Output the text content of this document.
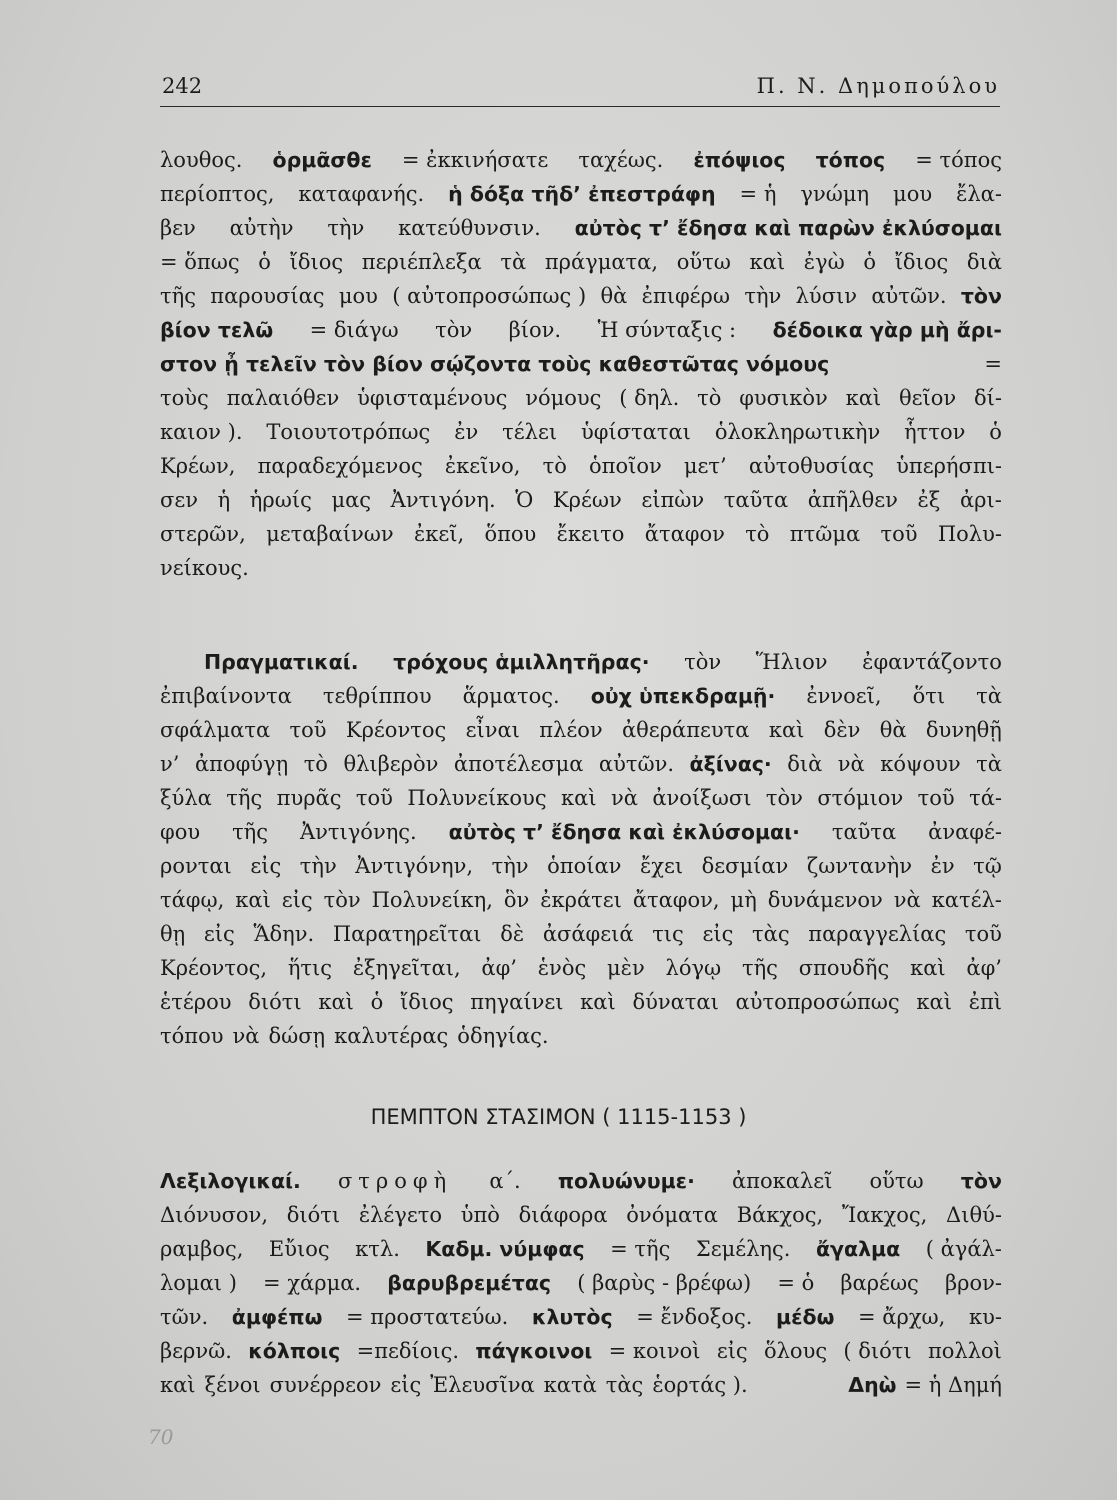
242	Π. Ν. Δημοπούλου
λουθος. ὁρμᾶσθε = ἐκκινήσατε ταχέως. ἐπόψιος τόπος = τόπος
περίοπτος, καταφανής. ἡ δόξα τῆδ’ ἐπεστράφη = ἡ γνώμη μου ἔλα-
βεν αὐτὴν τὴν κατεύθυνσιν. αὐτὸς τ’ ἔδησα καὶ παρὼν ἐκλύσομαι
= ὅπως ὁ ἴδιος περιέπλεξα τὰ πράγματα, οὕτω καὶ ἐγὼ ὁ ἴδιος διὰ
τῆς παρουσίας μου ( αὐτοπροσώπως ) θὰ ἐπιφέρω τὴν λύσιν αὐτῶν. τὸν
βίον τελῶ = διάγω τὸν βίον. Ἡ σύνταξις : δέδοικα γὰρ μὴ ἄρι-
στον ᾖ τελεῖν τὸν βίον σῴζοντα τοὺς καθεστῶτας νόμους	=
τοὺς παλαιόθεν ὑφισταμένους νόμους ( δηλ. τὸ φυσικὸν καὶ θεῖον δί-
καιον ). Τοιουτοτρόπως ἐν τέλει ὑφίσταται ὁλοκληρωτικὴν ἧττον ὁ
Κρέων, παραδεχόμενος ἐκεῖνο, τὸ ὁποῖον μετ’ αὐτοθυσίας ὑπερήσπι-
σεν ἡ ἡρωίς μας Ἀντιγόνη. Ὁ Κρέων εἰπὼν ταῦτα ἀπῆλθεν ἐξ ἀρι-
στερῶν, μεταβαίνων ἐκεῖ, ὅπου ἔκειτο ἄταφον τὸ πτῶμα τοῦ Πολυ-
νείκους.
Πραγματικαί. τρόχους ἁμιλλητῆρας· τὸν Ἥλιον ἐφαντάζοντο
ἐπιβαίνοντα τεθρίππου ἅρματος. οὐχ ὑπεκδραμῇ· ἐννοεῖ, ὅτι τὰ
σφάλματα τοῦ Κρέοντος εἶναι πλέον ἀθεράπευτα καὶ δὲν θὰ δυνηθῇ
ν’ ἀποφύγῃ τὸ θλιβερὸν ἀποτέλεσμα αὐτῶν. ἀξίνας· διὰ νὰ κόψουν τὰ
ξύλα τῆς πυρᾶς τοῦ Πολυνείκους καὶ νὰ ἀνοίξωσι τὸν στόμιον τοῦ τά-
φου τῆς Ἀντιγόνης. αὐτὸς τ’ ἔδησα καὶ ἐκλύσομαι· ταῦτα ἀναφέ-
ρονται εἰς τὴν Ἀντιγόνην, τὴν ὁποίαν ἔχει δεσμίαν ζωντανὴν ἐν τῷ
τάφῳ, καὶ εἰς τὸν Πολυνείκη, ὃν ἐκράτει ἄταφον, μὴ δυνάμενον νὰ κατέλ-
θῃ εἰς Ἅδην. Παρατηρεῖται δὲ ἀσάφειά τις εἰς τὰς παραγγελίας τοῦ
Κρέοντος, ἥτις ἐξηγεῖται, ἀφ’ ἑνὸς μὲν λόγῳ τῆς σπουδῆς καὶ ἀφ’
ἑτέρου διότι καὶ ὁ ἴδιος πηγαίνει καὶ δύναται αὐτοπροσώπως καὶ ἐπὶ
τόπου νὰ δώσῃ καλυτέρας ὁδηγίας.
ΠΕΜΠΤΟΝ ΣΤΑΣΙΜΟΝ ( 1115-1153 )
Λεξιλογικαί. στροφὴ α΄. πολυώνυμε· ἀποκαλεῖ οὕτω τὸν
Διόνυσον, διότι ἐλέγετο ὑπὸ διάφορα ὀνόματα Βάκχος, Ἴακχος, Διθύ-
ραμβος, Εὔιος κτλ. Καδμ. νύμφας = τῆς Σεμέλης. ἄγαλμα ( ἀγάλ-
λομαι ) = χάρμα. βαρυβρεμέτας ( βαρὺς - βρέφω) = ὁ βαρέως βρον-
τῶν. ἀμφέπω = προστατεύω. κλυτὸς = ἔνδοξος. μέδω = ἄρχω, κυ-
βερνῶ. κόλποις =πεδίοις. πάγκοινοι = κοινοὶ εἰς ὅλους ( διότι πολλοὶ
καὶ ξένοι συνέρρεον εἰς Ἐλευσῖνα κατὰ τὰς ἑορτάς ).	Δηὼ = ἡ Δημή
70
